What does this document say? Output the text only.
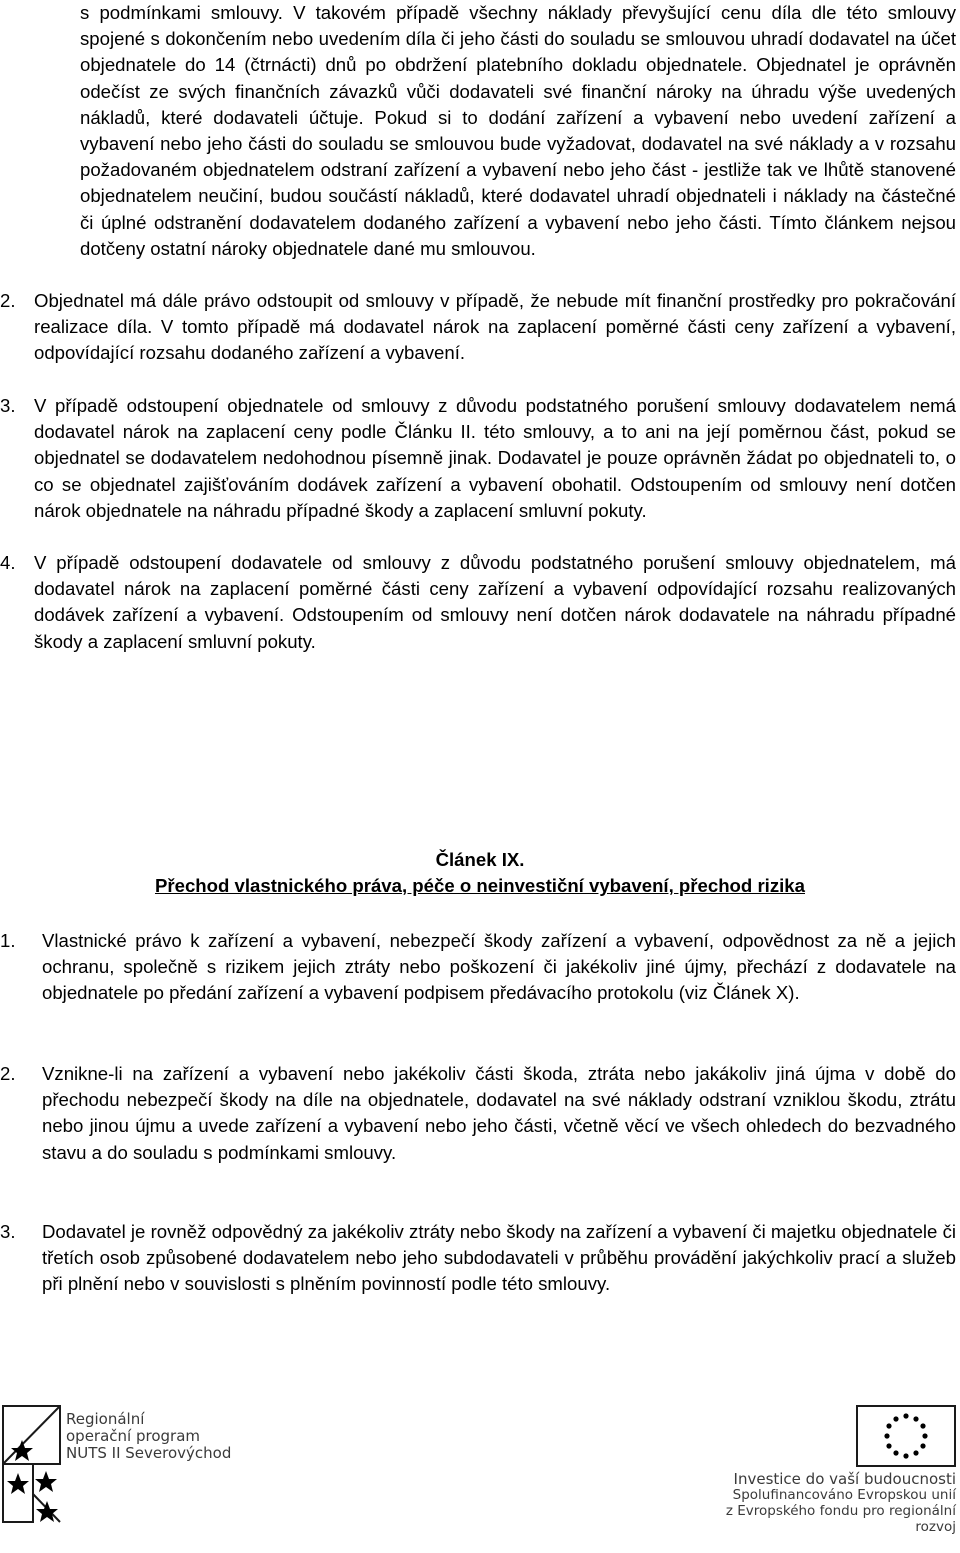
s podmínkami smlouvy. V takovém případě všechny náklady převyšující cenu díla dle této smlouvy spojené s dokončením nebo uvedením díla či jeho části do souladu se smlouvou uhradí dodavatel na účet objednatele do 14 (čtrnácti) dnů po obdržení platebního dokladu objednatele. Objednatel je oprávněn odečíst ze svých finančních závazků vůči dodavateli své finanční nároky na úhradu výše uvedených nákladů, které dodavateli účtuje. Pokud si to dodání zařízení a vybavení nebo uvedení zařízení a vybavení nebo jeho části do souladu se smlouvou bude vyžadovat, dodavatel na své náklady a v rozsahu požadovaném objednatelem odstraní zařízení a vybavení nebo jeho část - jestliže tak ve lhůtě stanovené objednatelem neučiní, budou součástí nákladů, které dodavatel uhradí objednateli i náklady na částečné či úplné odstranění dodavatelem dodaného zařízení a vybavení nebo jeho části. Tímto článkem nejsou dotčeny ostatní nároky objednatele dané mu smlouvou.
2. Objednatel má dále právo odstoupit od smlouvy v případě, že nebude mít finanční prostředky pro pokračování realizace díla. V tomto případě má dodavatel nárok na zaplacení poměrné části ceny zařízení a vybavení, odpovídající rozsahu dodaného zařízení a vybavení.
3. V případě odstoupení objednatele od smlouvy z důvodu podstatného porušení smlouvy dodavatelem nemá dodavatel nárok na zaplacení ceny podle Článku II. této smlouvy, a to ani na její poměrnou část, pokud se objednatel se dodavatelem nedohodnou písemně jinak. Dodavatel je pouze oprávněn žádat po objednateli to, o co se objednatel zajišťováním dodávek zařízení a vybavení obohatil. Odstoupením od smlouvy není dotčen nárok objednatele na náhradu případné škody a zaplacení smluvní pokuty.
4. V případě odstoupení dodavatele od smlouvy z důvodu podstatného porušení smlouvy objednatelem, má dodavatel nárok na zaplacení poměrné části ceny zařízení a vybavení odpovídající rozsahu realizovaných dodávek zařízení a vybavení. Odstoupením od smlouvy není dotčen nárok dodavatele na náhradu případné škody a zaplacení smluvní pokuty.
Článek IX.
Přechod vlastnického práva, péče o neinvestiční vybavení, přechod rizika
1.	Vlastnické právo k zařízení a vybavení, nebezpečí škody zařízení a vybavení, odpovědnost za ně a jejich ochranu, společně s rizikem jejich ztráty nebo poškození či jakékoliv jiné újmy, přechází z dodavatele na objednatele po předání zařízení a vybavení podpisem předávacího protokolu (viz Článek X).
2.	Vznikne-li na zařízení a vybavení nebo jakékoliv části škoda, ztráta nebo jakákoliv jiná újma v době do přechodu nebezpečí škody na díle na objednatele, dodavatel na své náklady odstraní vzniklou škodu, ztrátu nebo jinou újmu a uvede zařízení a vybavení nebo jeho části, včetně věcí ve všech ohledech do bezvadného stavu a do souladu s podmínkami smlouvy.
3.	Dodavatel je rovněž odpovědný za jakékoliv ztráty nebo škody na zařízení a vybavení či majetku objednatele či třetích osob způsobené dodavatelem nebo jeho subdodavateli v průběhu provádění jakýchkoliv prací a služeb při plnění nebo v souvislosti s plněním povinností podle této smlouvy.
Regionální
operační program
NUTS II Severovýchod
Investice do vaší budoucnosti
Spolufinancováno Evropskou unií
z Evropského fondu pro regionální rozvoj
